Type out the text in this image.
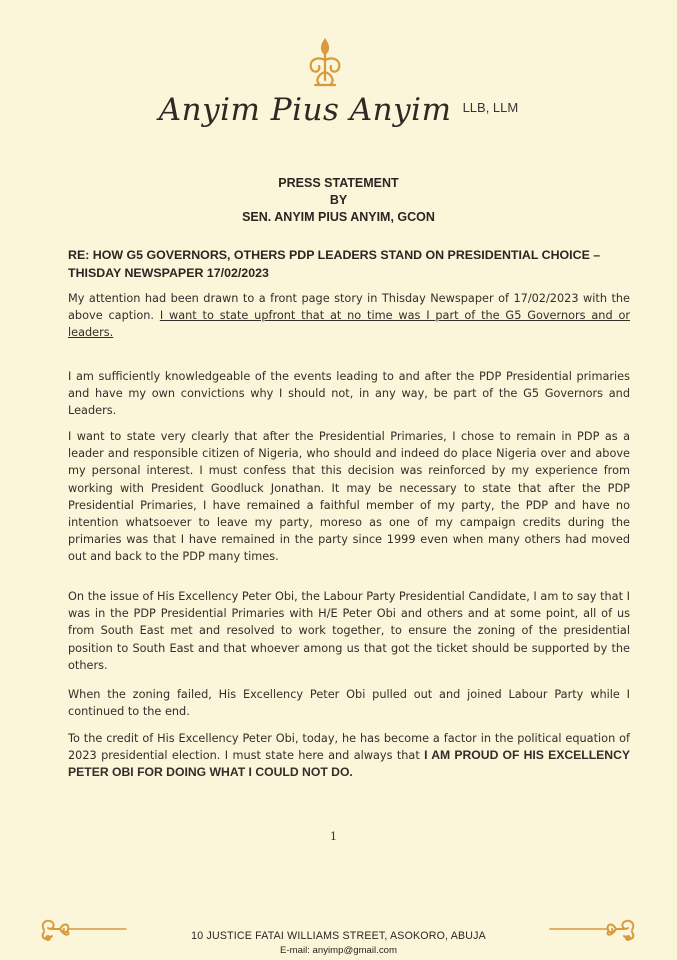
Anyim Pius Anyim $^{LLB, LLM}$
PRESS STATEMENT
BY
SEN. ANYIM PIUS ANYIM, GCON
RE: HOW G5 GOVERNORS, OTHERS PDP LEADERS STAND ON PRESIDENTIAL CHOICE – THISDAY NEWSPAPER 17/02/2023
My attention had been drawn to a front page story in Thisday Newspaper of 17/02/2023 with the above caption. I want to state upfront that at no time was I part of the G5 Governors and or leaders.
I am sufficiently knowledgeable of the events leading to and after the PDP Presidential primaries and have my own convictions why I should not, in any way, be part of the G5 Governors and Leaders.
I want to state very clearly that after the Presidential Primaries, I chose to remain in PDP as a leader and responsible citizen of Nigeria, who should and indeed do place Nigeria over and above my personal interest. I must confess that this decision was reinforced by my experience from working with President Goodluck Jonathan. It may be necessary to state that after the PDP Presidential Primaries, I have remained a faithful member of my party, the PDP and have no intention whatsoever to leave my party, moreso as one of my campaign credits during the primaries was that I have remained in the party since 1999 even when many others had moved out and back to the PDP many times.
On the issue of His Excellency Peter Obi, the Labour Party Presidential Candidate, I am to say that I was in the PDP Presidential Primaries with H/E Peter Obi and others and at some point, all of us from South East met and resolved to work together, to ensure the zoning of the presidential position to South East and that whoever among us that got the ticket should be supported by the others.
When the zoning failed, His Excellency Peter Obi pulled out and joined Labour Party while I continued to the end.
To the credit of His Excellency Peter Obi, today, he has become a factor in the political equation of 2023 presidential election. I must state here and always that I AM PROUD OF HIS EXCELLENCY PETER OBI FOR DOING WHAT I COULD NOT DO.
1
10 JUSTICE FATAI WILLIAMS STREET, ASOKORO, ABUJA
E-mail: anyimp@gmail.com
